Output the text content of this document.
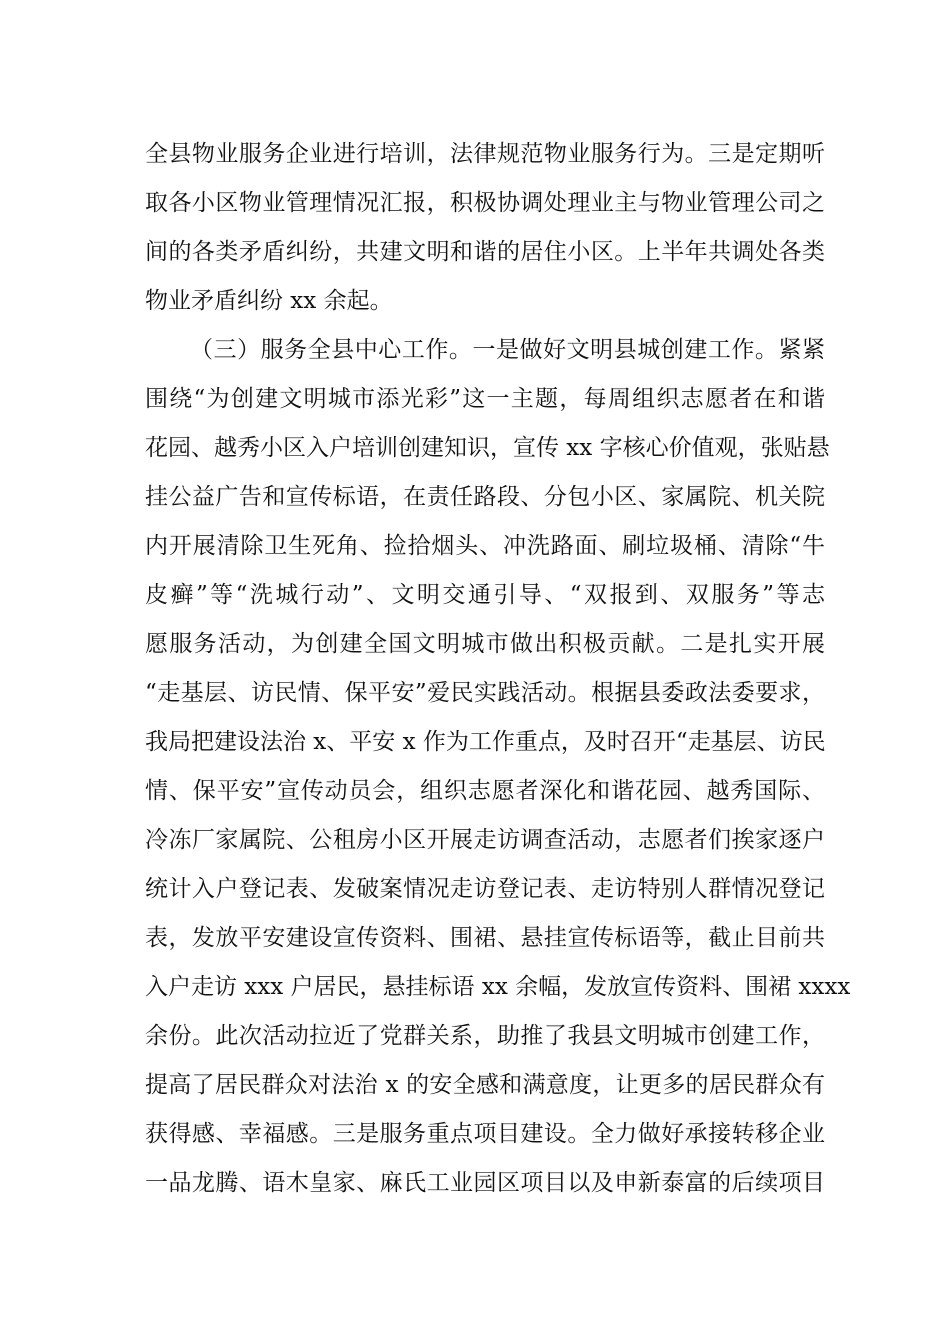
全县物业服务企业进行培训，法律规范物业服务行为。三是定期听
取各小区物业管理情况汇报，积极协调处理业主与物业管理公司之
间的各类矛盾纠纷，共建文明和谐的居住小区。上半年共调处各类
物业矛盾纠纷 xx 余起。
（三）服务全县中心工作。一是做好文明县城创建工作。紧紧
围绕“为创建文明城市添光彩”这一主题，每周组织志愿者在和谐
花园、越秀小区入户培训创建知识，宣传 xx 字核心价值观，张贴悬
挂公益广告和宣传标语，在责任路段、分包小区、家属院、机关院
内开展清除卫生死角、捡拾烟头、冲洗路面、刷垃圾桶、清除“牛
皮癣”等“洗城行动”、文明交通引导、“双报到、双服务”等志
愿服务活动，为创建全国文明城市做出积极贡献。二是扎实开展
“走基层、访民情、保平安”爱民实践活动。根据县委政法委要求，
我局把建设法治 x、平安 x 作为工作重点，及时召开“走基层、访民
情、保平安”宣传动员会，组织志愿者深化和谐花园、越秀国际、
冷冻厂家属院、公租房小区开展走访调查活动，志愿者们挨家逐户
统计入户登记表、发破案情况走访登记表、走访特别人群情况登记
表，发放平安建设宣传资料、围裙、悬挂宣传标语等，截止目前共
入户走访 xxx 户居民，悬挂标语 xx 余幅，发放宣传资料、围裙 xxxx
余份。此次活动拉近了党群关系，助推了我县文明城市创建工作，
提高了居民群众对法治 x 的安全感和满意度，让更多的居民群众有
获得感、幸福感。三是服务重点项目建设。全力做好承接转移企业
一品龙腾、语木皇家、麻氏工业园区项目以及申新泰富的后续项目
